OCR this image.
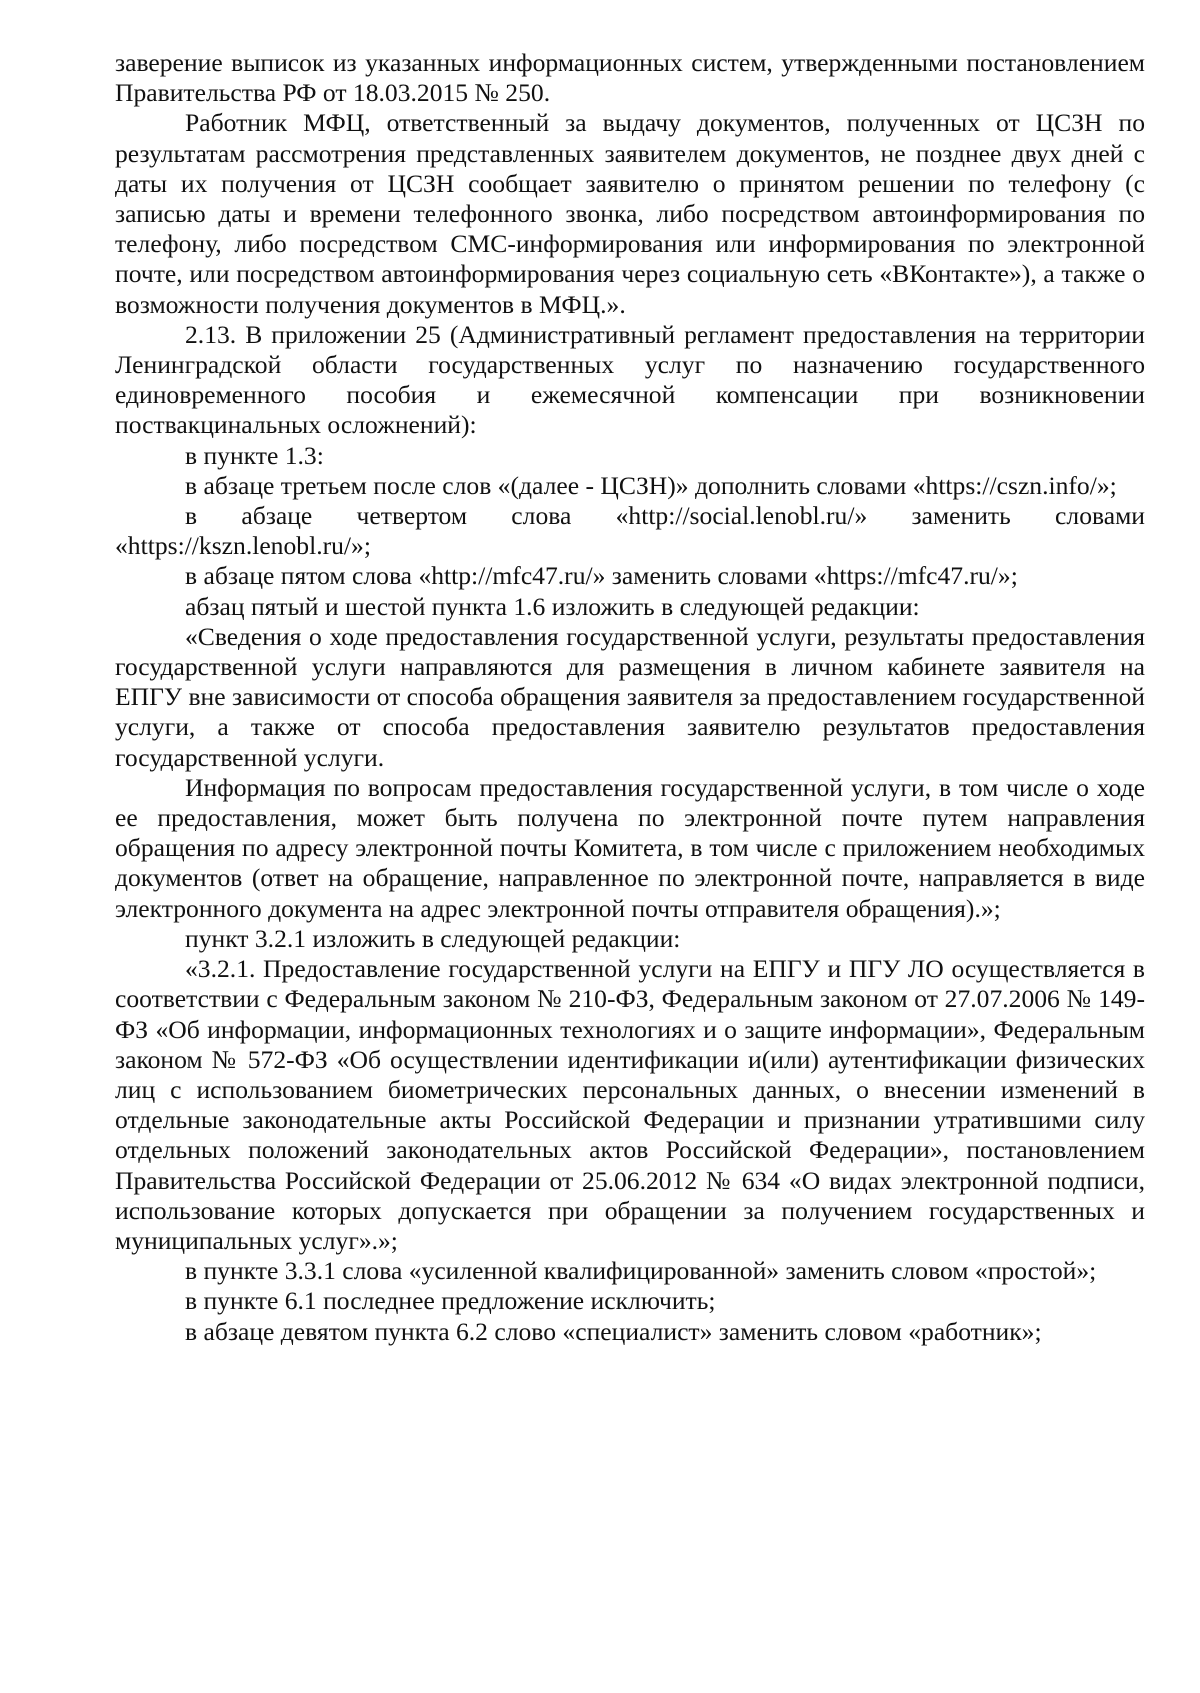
заверение выписок из указанных информационных систем, утвержденными постановлением Правительства РФ от 18.03.2015 № 250.

Работник МФЦ, ответственный за выдачу документов, полученных от ЦСЗН по результатам рассмотрения представленных заявителем документов, не позднее двух дней с даты их получения от ЦСЗН сообщает заявителю о принятом решении по телефону (с записью даты и времени телефонного звонка, либо посредством автоинформирования по телефону, либо посредством СМС-информирования или информирования по электронной почте, или посредством автоинформирования через социальную сеть «ВКонтакте»), а также о возможности получения документов в МФЦ.».

2.13. В приложении 25 (Административный регламент предоставления на территории Ленинградской области государственных услуг по назначению государственного единовременного пособия и ежемесячной компенсации при возникновении поствакцинальных осложнений):

в пункте 1.3:

в абзаце третьем после слов «(далее - ЦСЗН)» дополнить словами «https://cszn.info/»;

в абзаце четвертом слова «http://social.lenobl.ru/» заменить словами «https://kszn.lenobl.ru/»;

в абзаце пятом слова «http://mfc47.ru/» заменить словами «https://mfc47.ru/»;

абзац пятый и шестой пункта 1.6 изложить в следующей редакции:

«Сведения о ходе предоставления государственной услуги, результаты предоставления государственной услуги направляются для размещения в личном кабинете заявителя на ЕПГУ вне зависимости от способа обращения заявителя за предоставлением государственной услуги, а также от способа предоставления заявителю результатов предоставления государственной услуги.

Информация по вопросам предоставления государственной услуги, в том числе о ходе ее предоставления, может быть получена по электронной почте путем направления обращения по адресу электронной почты Комитета, в том числе с приложением необходимых документов (ответ на обращение, направленное по электронной почте, направляется в виде электронного документа на адрес электронной почты отправителя обращения).»;

пункт 3.2.1 изложить в следующей редакции:

«3.2.1. Предоставление государственной услуги на ЕПГУ и ПГУ ЛО осуществляется в соответствии с Федеральным законом № 210-ФЗ, Федеральным законом от 27.07.2006 № 149-ФЗ «Об информации, информационных технологиях и о защите информации», Федеральным законом № 572-ФЗ «Об осуществлении идентификации и(или) аутентификации физических лиц с использованием биометрических персональных данных, о внесении изменений в отдельные законодательные акты Российской Федерации и признании утратившими силу отдельных положений законодательных актов Российской Федерации», постановлением Правительства Российской Федерации от 25.06.2012 № 634 «О видах электронной подписи, использование которых допускается при обращении за получением государственных и муниципальных услуг».»;

в пункте 3.3.1 слова «усиленной квалифицированной» заменить словом «простой»;

в пункте 6.1 последнее предложение исключить;

в абзаце девятом пункта 6.2 слово «специалист» заменить словом «работник»;
